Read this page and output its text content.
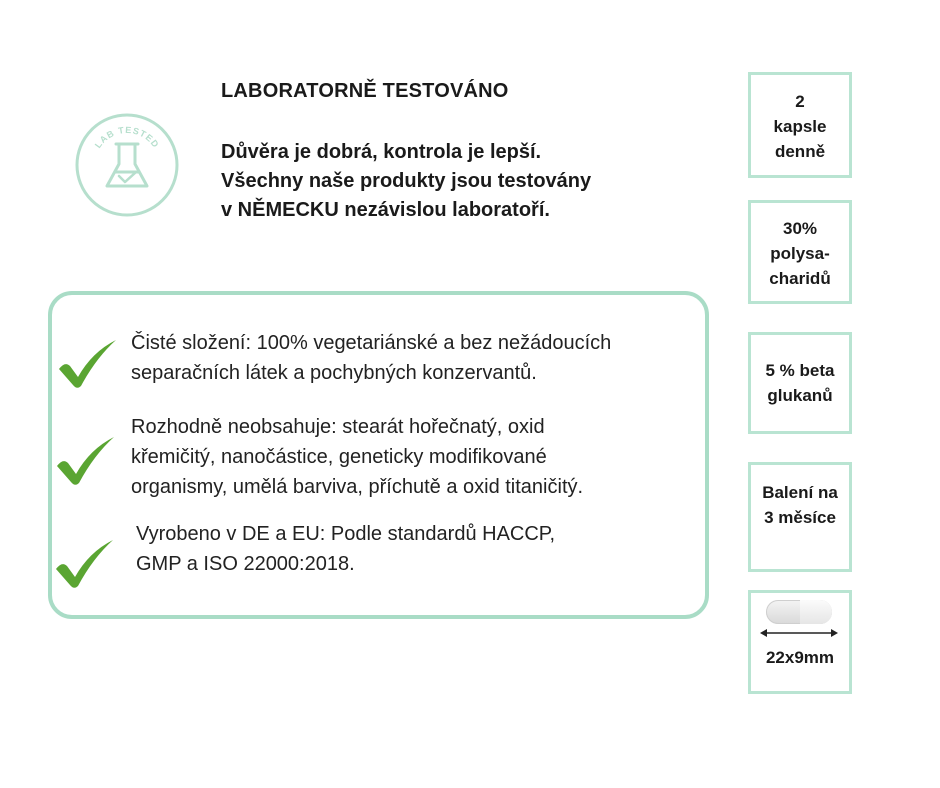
LAB TESTED
LABORATORNĚ TESTOVÁNO
Důvěra je dobrá, kontrola je lepší.
Všechny naše produkty jsou testovány
v NĚMECKU nezávislou laboratoří.
Čisté složení: 100% vegetariánské a bez nežádoucích
separačních látek a pochybných konzervantů.
Rozhodně neobsahuje: stearát hořečnatý, oxid
křemičitý, nanočástice, geneticky modifikované
organismy, umělá barviva, příchutě a oxid titaničitý.
Vyrobeno v DE a EU: Podle standardů HACCP,
GMP a ISO 22000:2018.
2
kapsle
denně
30%
polysa-
charidů
5 % beta
glukanů
Balení na
3 měsíce
22x9mm
